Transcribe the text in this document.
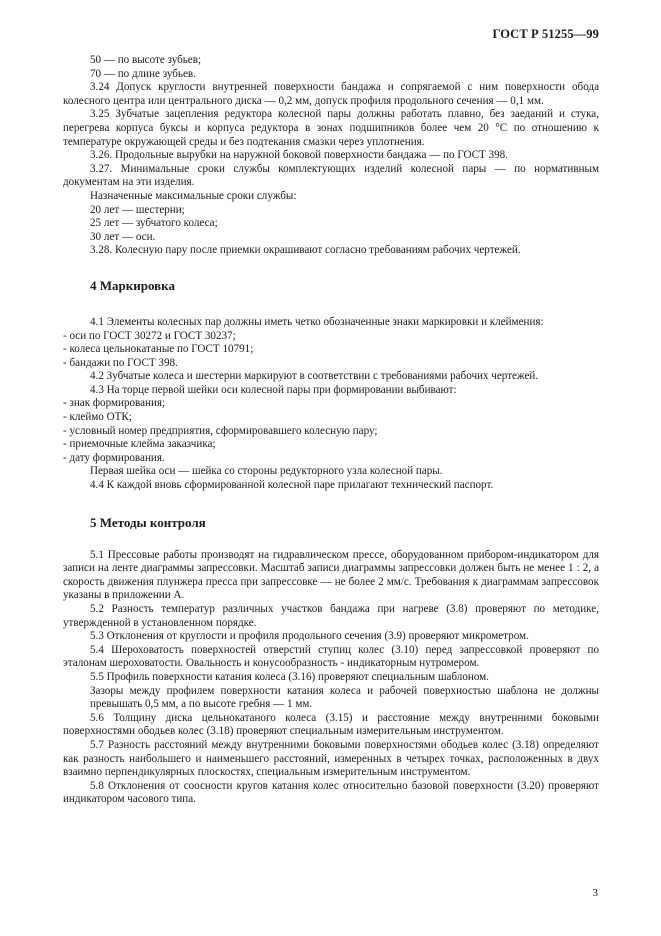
ГОСТ Р 51255—99

50 — по высоте зубьев;

70 — по длине зубьев.

3.24 Допуск круглости внутренней поверхности бандажа и сопрягаемой с ним поверхности обода колесного центра или центрального диска — 0,2 мм, допуск профиля продольного сечения — 0,1 мм.

3.25 Зубчатые зацепления редуктора колесной пары должны работать плавно, без заеданий и стука, перегрева корпуса буксы и корпуса редуктора в зонах подшипников более чем 20 °С по отношению к температуре окружающей среды и без подтекания смазки через уплотнения.

3.26. Продольные вырубки на наружной боковой поверхности бандажа — по ГОСТ 398.

3.27. Минимальные сроки службы комплектующих изделий колесной пары — по нормативным документам на эти изделия.

Назначенные максимальные сроки службы:

20 лет — шестерни;

25 лет — зубчатого колеса;

30 лет — оси.

3.28. Колесную пару после приемки окрашивают согласно требованиям рабочих чертежей.

4 Маркировка

4.1 Элементы колесных пар должны иметь четко обозначенные знаки маркировки и клеймения:

- оси по ГОСТ 30272 и ГОСТ 30237;

- колеса цельнокатаные по ГОСТ 10791;

- бандажи по ГОСТ 398.

4.2 Зубчатые колеса и шестерни маркируют в соответствии с требованиями рабочих чертежей.

4.3 На торце первой шейки оси колесной пары при формировании выбивают:

- знак формирования;

- клеймо ОТК;

- условный номер предприятия, сформировавшего колесную пару;

- приемочные клейма заказчика;

- дату формирования.

Первая шейка оси — шейка со стороны редукторного узла колесной пары.

4.4 К каждой вновь сформированной колесной паре прилагают технический паспорт.

5 Методы контроля

5.1 Прессовые работы производят на гидравлическом прессе, оборудованном прибором-индикатором для записи на ленте диаграммы запрессовки. Масштаб записи диаграммы запрессовки должен быть не менее 1 : 2, а скорость движения плунжера пресса при запрессовке — не более 2 мм/с. Требования к диаграммам запрессовок указаны в приложении А.

5.2 Разность температур различных участков бандажа при нагреве (3.8) проверяют по методике, утвержденной в установленном порядке.

5.3 Отклонения от круглости и профиля продольного сечения (3.9) проверяют микрометром.

5.4 Шероховатость поверхностей отверстий ступиц колес (3.10) перед запрессовкой проверяют по эталонам шероховатости. Овальность и конусообразность - индикаторным нутромером.

5.5 Профиль поверхности катания колеса (3.16) проверяют специальным шаблоном.

Зазоры между профилем поверхности катания колеса и рабочей поверхностью шаблона не должны превышать 0,5 мм, а по высоте гребня — 1 мм.

5.6 Толщину диска цельнокатаного колеса (3.15) и расстояние между внутренними боковыми поверхностями ободьев колес (3.18) проверяют специальным измерительным инструментом.

5.7 Разность расстояний между внутренними боковыми поверхностями ободьев колес (3.18) определяют как разность наибольшего и наименьшего расстояний, измеренных в четырех точках, расположенных в двух взаимно перпендикулярных плоскостях, специальным измерительным инструментом.

5.8 Отклонения от соосности кругов катания колес относительно базовой поверхности (3.20) проверяют индикатором часового типа.

3
